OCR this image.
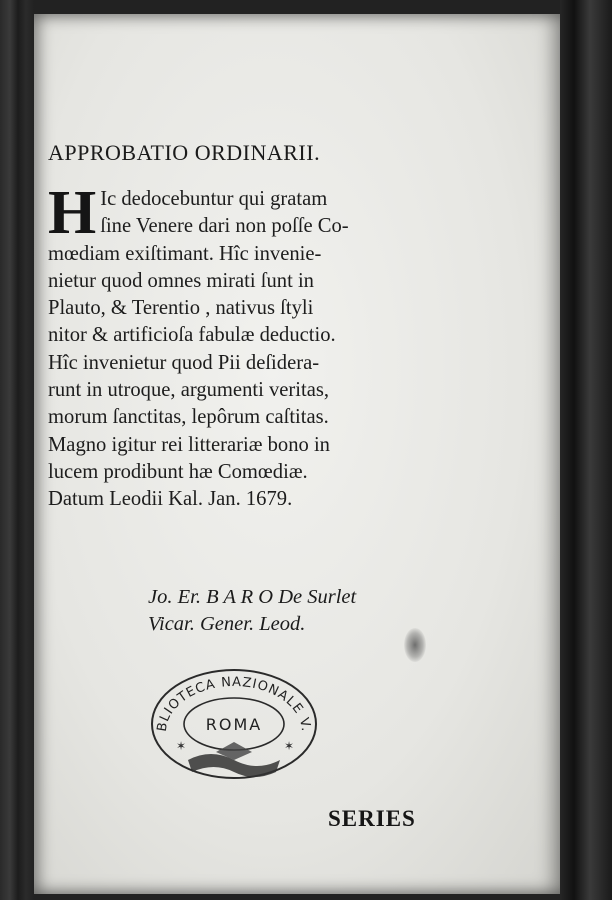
APPROBATIO ORDINARII.
H Ic dedocebuntur qui gratam
ſine Venere dari non poſſe Co-
mœdiam exiſtimant. Hîc invenie-
nietur quod omnes mirati ſunt in
Plauto, & Terentio , nativus ſtyli
nitor & artificioſa fabulæ deductio.
Hîc invenietur quod Pii deſidera-
runt in utroque, argumenti veritas,
morum ſanctitas, lepôrum caſtitas.
Magno igitur rei litterariæ bono in
lucem prodibunt hæ Comœdiæ.
Datum Leodii Kal. Jan. 1679.
Jo. Er. B A R O De Surlet
Vicar. Gener. Leod.
BLIOTECA NAZIONALE V.
ROMA
✶	✶
SERIES
